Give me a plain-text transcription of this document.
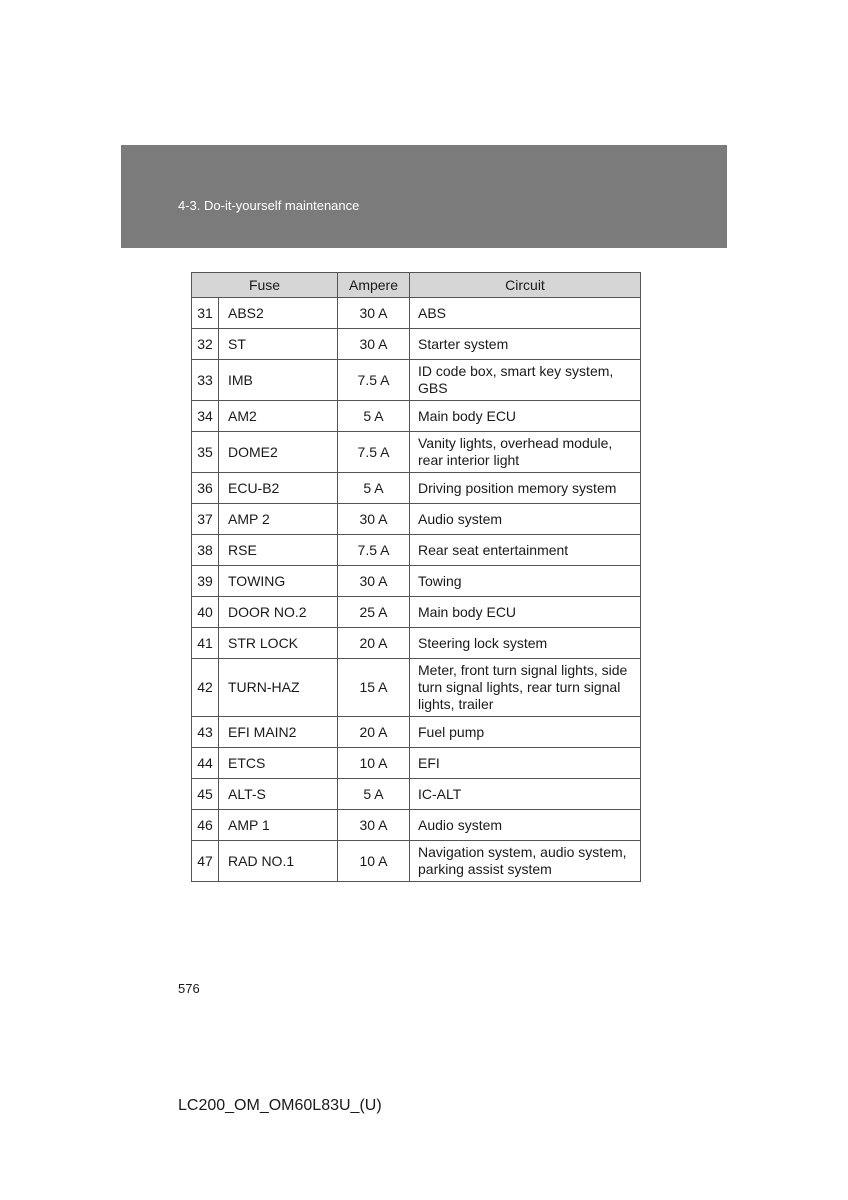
4-3. Do-it-yourself maintenance
Fuse		Ampere	Circuit
31	ABS2	30 A	ABS
32	ST	30 A	Starter system
33	IMB	7.5 A	ID code box, smart key system, GBS
34	AM2	5 A	Main body ECU
35	DOME2	7.5 A	Vanity lights, overhead module, rear interior light
36	ECU-B2	5 A	Driving position memory system
37	AMP 2	30 A	Audio system
38	RSE	7.5 A	Rear seat entertainment
39	TOWING	30 A	Towing
40	DOOR NO.2	25 A	Main body ECU
41	STR LOCK	20 A	Steering lock system
42	TURN-HAZ	15 A	Meter, front turn signal lights, side turn signal lights, rear turn signal lights, trailer
43	EFI MAIN2	20 A	Fuel pump
44	ETCS	10 A	EFI
45	ALT-S	5 A	IC-ALT
46	AMP 1	30 A	Audio system
47	RAD NO.1	10 A	Navigation system, audio system, parking assist system
576
LC200_OM_OM60L83U_(U)
